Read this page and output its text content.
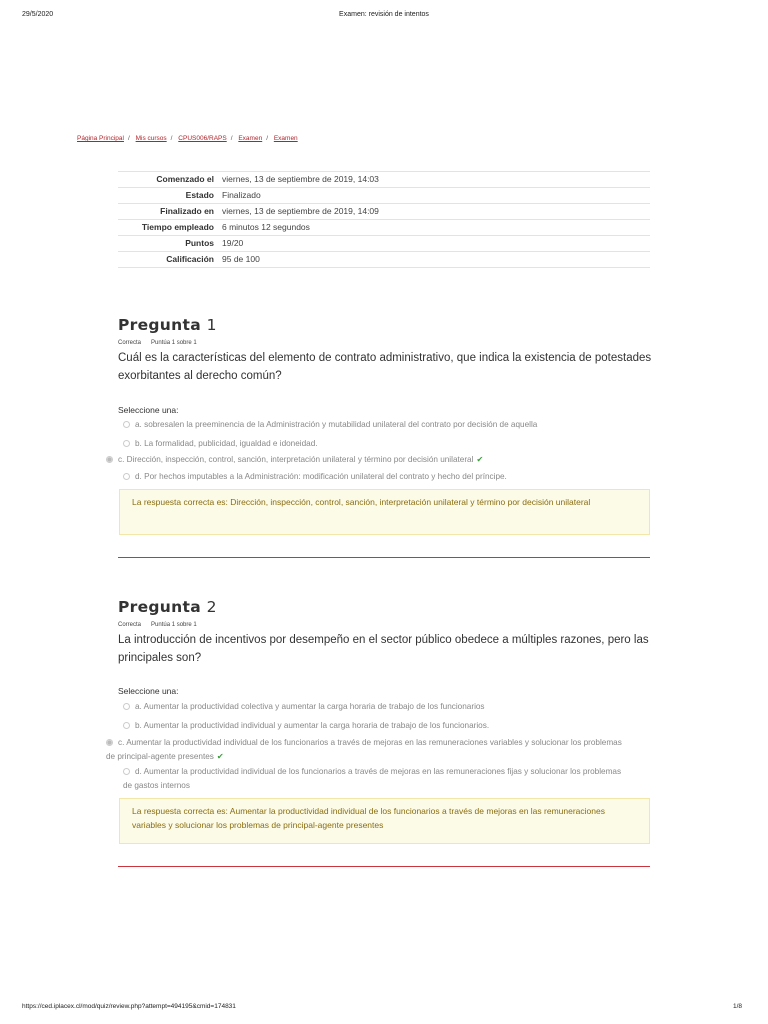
29/5/2020	Examen: revisión de intentos
https://ced.iplacex.cl/mod/quiz/review.php?attempt=494195&cmid=174831	1/8
Página Principal / Mis cursos / CPUS006/RAPS / Examen / Examen
Comenzado el	viernes, 13 de septiembre de 2019, 14:03
Estado	Finalizado
Finalizado en	viernes, 13 de septiembre de 2019, 14:09
Tiempo empleado	6 minutos 12 segundos
Puntos	19/20
Calificación	95 de 100
Pregunta 1
Correcta Puntúa 1 sobre 1
Cuál es la características del elemento de contrato administrativo, que indica la existencia de potestades exorbitantes al derecho común?
Seleccione una:
a. sobresalen la preeminencia de la Administración y mutabilidad unilateral del contrato por decisión de aquella
b. La formalidad, publicidad, igualdad e idoneidad.
c. Dirección, inspección, control, sanción, interpretación unilateral y término por decisión unilateral ✔
d. Por hechos imputables a la Administración: modificación unilateral del contrato y hecho del príncipe.
La respuesta correcta es: Dirección, inspección, control, sanción, interpretación unilateral y término por decisión unilateral
Pregunta 2
Correcta Puntúa 1 sobre 1
La introducción de incentivos por desempeño en el sector público obedece a múltiples razones, pero las principales son?
Seleccione una:
a. Aumentar la productividad colectiva y aumentar la carga horaria de trabajo de los funcionarios
b. Aumentar la productividad individual y aumentar la carga horaria de trabajo de los funcionarios.
c. Aumentar la productividad individual de los funcionarios a través de mejoras en las remuneraciones variables y solucionar los problemas de principal-agente presentes ✔
d. Aumentar la productividad individual de los funcionarios a través de mejoras en las remuneraciones fijas y solucionar los problemas de gastos internos
La respuesta correcta es: Aumentar la productividad individual de los funcionarios a través de mejoras en las remuneraciones variables y solucionar los problemas de principal-agente presentes
